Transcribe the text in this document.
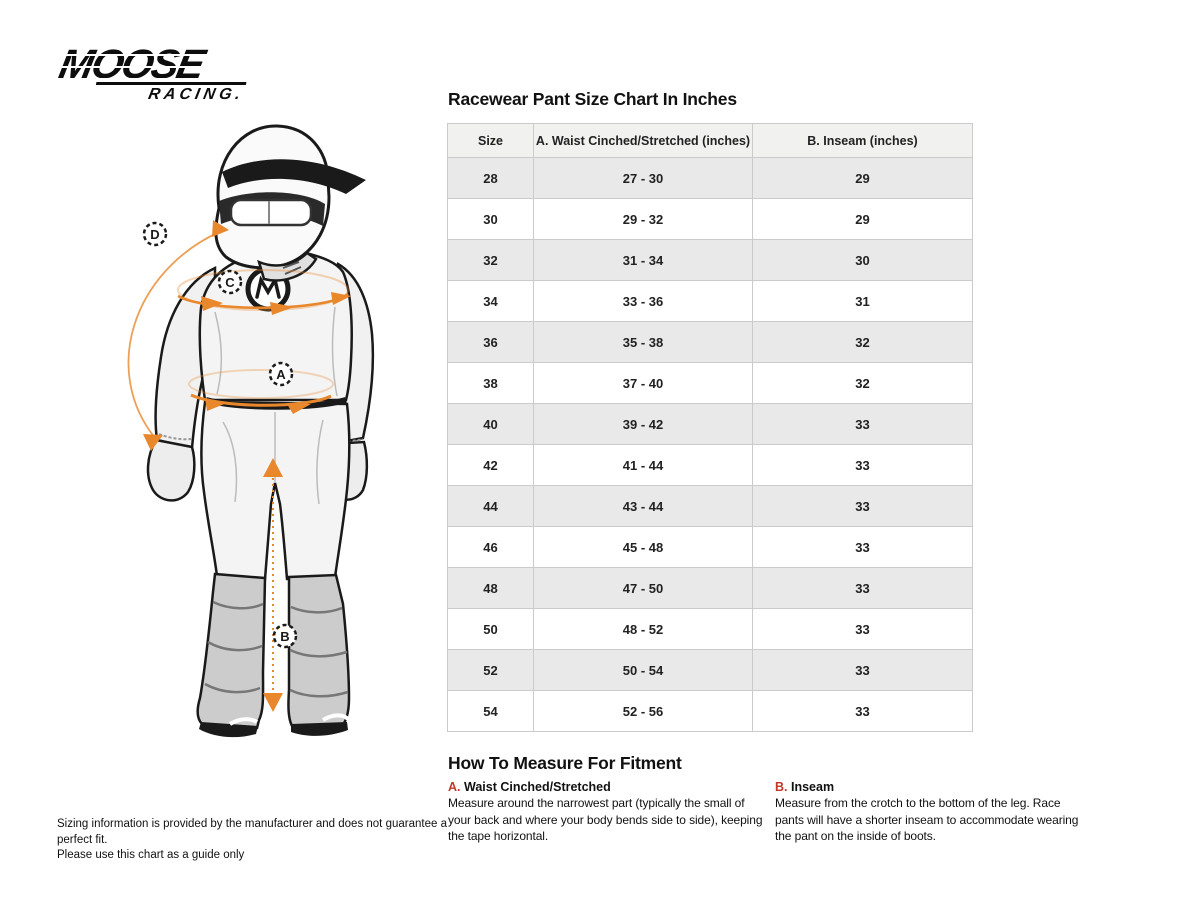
MOOSE
RACING.
D
C
A
B
Racewear Pant Size Chart In Inches
Size	A. Waist Cinched/Stretched (inches)	B. Inseam (inches)
28	27 - 30	29
30	29 - 32	29
32	31 - 34	30
34	33 - 36	31
36	35 - 38	32
38	37 - 40	32
40	39 - 42	33
42	41 - 44	33
44	43 - 44	33
46	45 - 48	33
48	47 - 50	33
50	48 - 52	33
52	50 - 54	33
54	52 - 56	33
How To Measure For Fitment
A. Waist Cinched/Stretched
Measure around the narrowest part (typically the small of your back and where your body bends side to side), keeping the tape horizontal.
B. Inseam
Measure from the crotch to the bottom of the leg. Race pants will have a shorter inseam to accommodate wearing the pant on the inside of boots.
Sizing information is provided by the manufacturer and does not guarantee a perfect fit.
Please use this chart as a guide only
